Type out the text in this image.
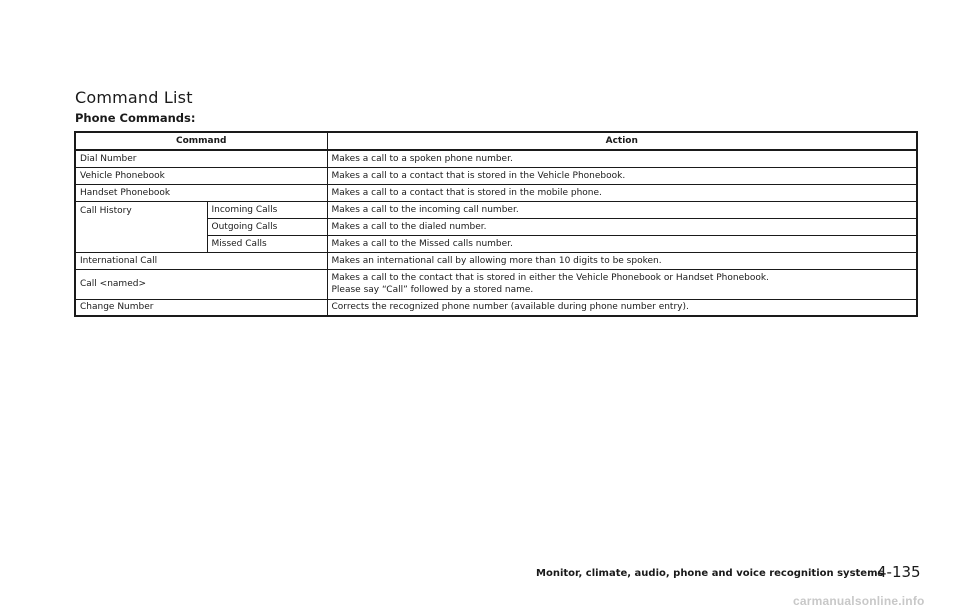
Command List
Phone Commands:
Command		Action
Dial Number		Makes a call to a spoken phone number.
Vehicle Phonebook		Makes a call to a contact that is stored in the Vehicle Phonebook.
Handset Phonebook		Makes a call to a contact that is stored in the mobile phone.
Call History	Incoming Calls	Makes a call to the incoming call number.
	Outgoing Calls	Makes a call to the dialed number.
	Missed Calls	Makes a call to the Missed calls number.
International Call		Makes an international call by allowing more than 10 digits to be spoken.
Call <named>		Makes a call to the contact that is stored in either the Vehicle Phonebook or Handset Phonebook.
Please say “Call” followed by a stored name.

Change Number		Corrects the recognized phone number (available during phone number entry).
Monitor, climate, audio, phone and voice recognition systems
4-135
carmanualsonline.info
